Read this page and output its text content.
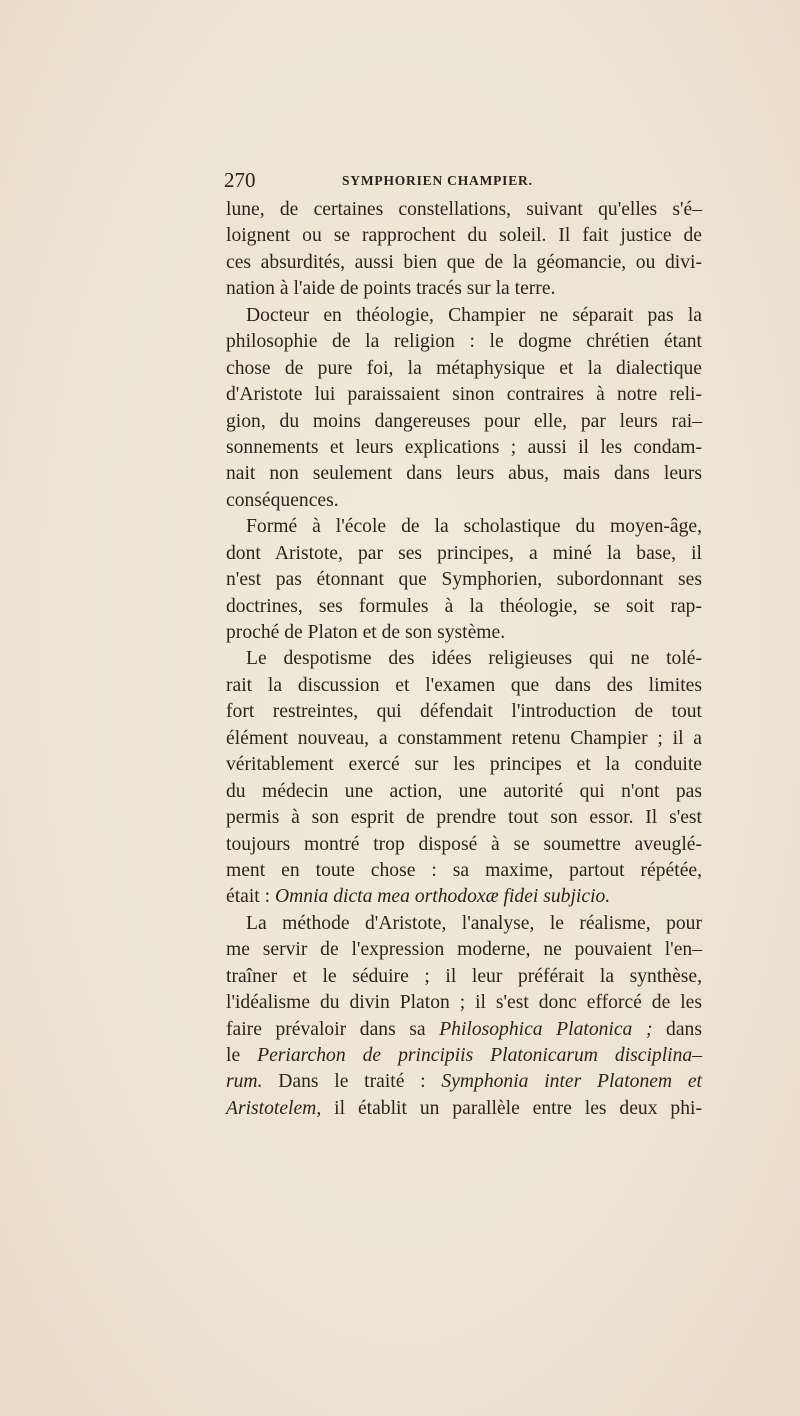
270	SYMPHORIEN CHAMPIER.
lune, de certaines constellations, suivant qu'elles s'é–
loignent ou se rapprochent du soleil. Il fait justice de
ces absurdités, aussi bien que de la géomancie, ou divi-
nation à l'aide de points tracés sur la terre.
Docteur en théologie, Champier ne séparait pas la
philosophie de la religion : le dogme chrétien étant
chose de pure foi, la métaphysique et la dialectique
d'Aristote lui paraissaient sinon contraires à notre reli-
gion, du moins dangereuses pour elle, par leurs rai–
sonnements et leurs explications ; aussi il les condam-
nait non seulement dans leurs abus, mais dans leurs
conséquences.
Formé à l'école de la scholastique du moyen-âge,
dont Aristote, par ses principes, a miné la base, il
n'est pas étonnant que Symphorien, subordonnant ses
doctrines, ses formules à la théologie, se soit rap-
proché de Platon et de son système.
Le despotisme des idées religieuses qui ne tolé-
rait la discussion et l'examen que dans des limites
fort restreintes, qui défendait l'introduction de tout
élément nouveau, a constamment retenu Champier ; il a
véritablement exercé sur les principes et la conduite
du médecin une action, une autorité qui n'ont pas
permis à son esprit de prendre tout son essor. Il s'est
toujours montré trop disposé à se soumettre aveuglé-
ment en toute chose : sa maxime, partout répétée,
était : Omnia dicta mea orthodoxæ fidei subjicio.
La méthode d'Aristote, l'analyse, le réalisme, pour
me servir de l'expression moderne, ne pouvaient l'en–
traîner et le séduire ; il leur préférait la synthèse,
l'idéalisme du divin Platon ; il s'est donc efforcé de les
faire prévaloir dans sa Philosophica Platonica ; dans
le Periarchon de principiis Platonicarum disciplina–
rum. Dans le traité : Symphonia inter Platonem et
Aristotelem, il établit un parallèle entre les deux phi-
